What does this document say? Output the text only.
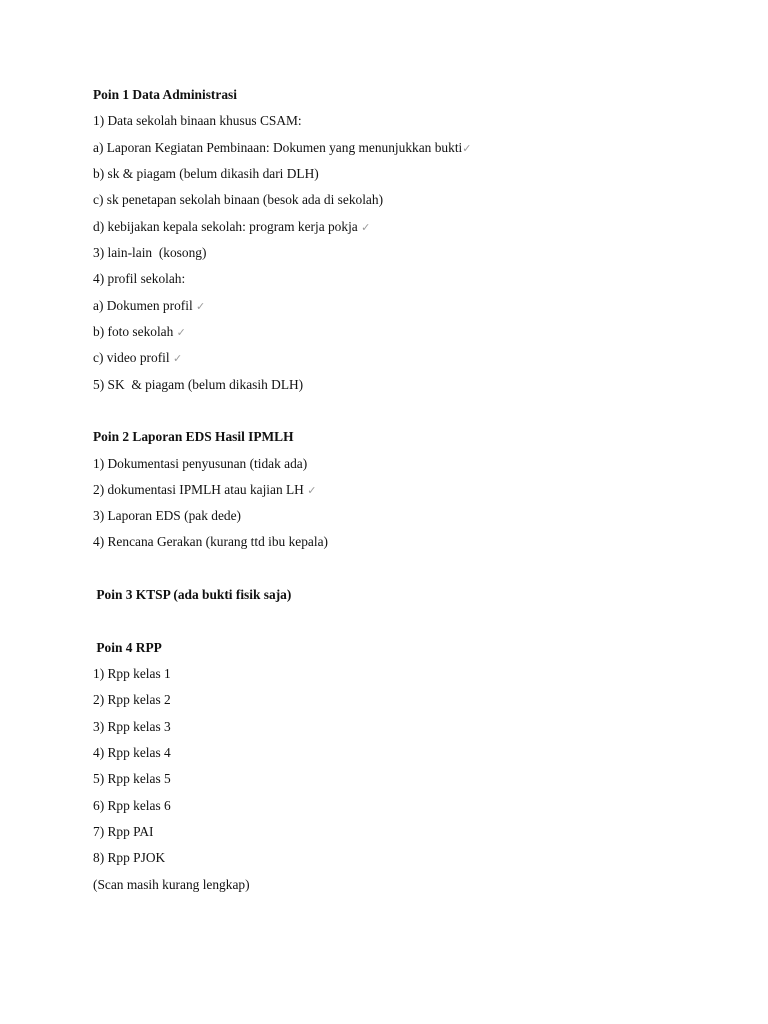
Poin 1 Data Administrasi
1) Data sekolah binaan khusus CSAM:
a) Laporan Kegiatan Pembinaan: Dokumen yang menunjukkan bukti✓
b) sk & piagam (belum dikasih dari DLH)
c) sk penetapan sekolah binaan (besok ada di sekolah)
d) kebijakan kepala sekolah: program kerja pokja ✓
3) lain-lain  (kosong)
4) profil sekolah:
a) Dokumen profil ✓
b) foto sekolah ✓
c) video profil ✓
5) SK  & piagam (belum dikasih DLH)
Poin 2 Laporan EDS Hasil IPMLH
1) Dokumentasi penyusunan (tidak ada)
2) dokumentasi IPMLH atau kajian LH ✓
3) Laporan EDS (pak dede)
4) Rencana Gerakan (kurang ttd ibu kepala)
Poin 3 KTSP (ada bukti fisik saja)
Poin 4 RPP
1) Rpp kelas 1
2) Rpp kelas 2
3) Rpp kelas 3
4) Rpp kelas 4
5) Rpp kelas 5
6) Rpp kelas 6
7) Rpp PAI
8) Rpp PJOK
(Scan masih kurang lengkap)
